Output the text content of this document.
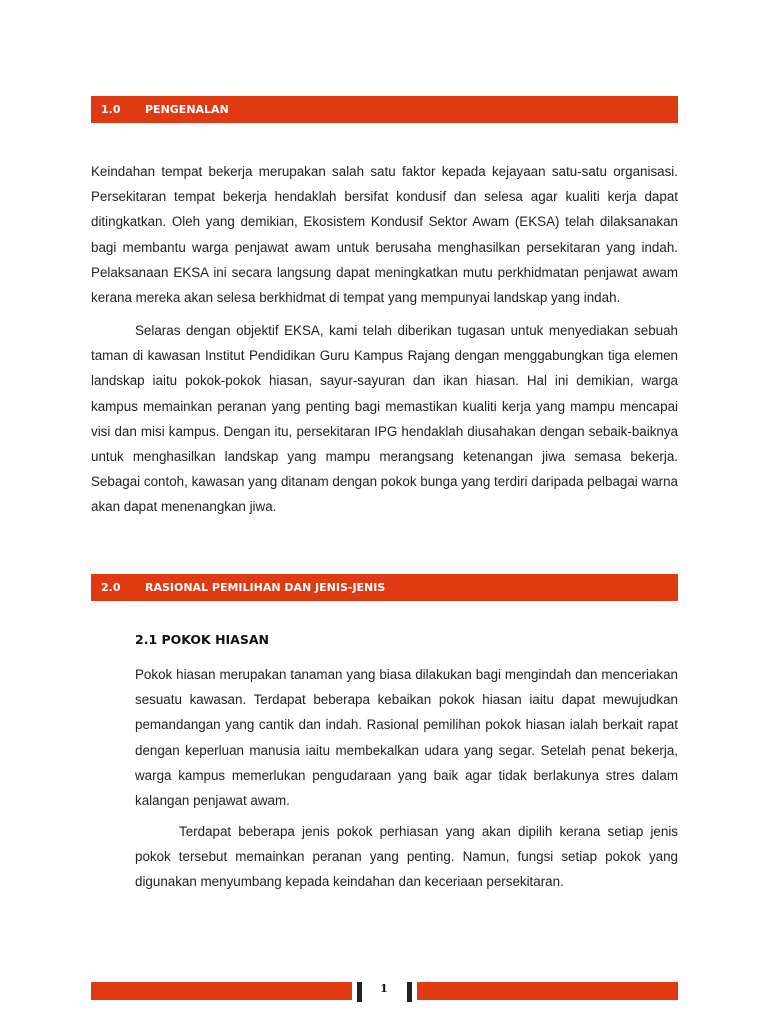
1.0 PENGENALAN

Keindahan tempat bekerja merupakan salah satu faktor kepada kejayaan satu-satu organisasi. Persekitaran tempat bekerja hendaklah bersifat kondusif dan selesa agar kualiti kerja dapat ditingkatkan. Oleh yang demikian, Ekosistem Kondusif Sektor Awam (EKSA) telah dilaksanakan bagi membantu warga penjawat awam untuk berusaha menghasilkan persekitaran yang indah. Pelaksanaan EKSA ini secara langsung dapat meningkatkan mutu perkhidmatan penjawat awam kerana mereka akan selesa berkhidmat di tempat yang mempunyai landskap yang indah.

Selaras dengan objektif EKSA, kami telah diberikan tugasan untuk menyediakan sebuah taman di kawasan Institut Pendidikan Guru Kampus Rajang dengan menggabungkan tiga elemen landskap iaitu pokok-pokok hiasan, sayur-sayuran dan ikan hiasan. Hal ini demikian, warga kampus memainkan peranan yang penting bagi memastikan kualiti kerja yang mampu mencapai visi dan misi kampus. Dengan itu, persekitaran IPG hendaklah diusahakan dengan sebaik-baiknya untuk menghasilkan landskap yang mampu merangsang ketenangan jiwa semasa bekerja. Sebagai contoh, kawasan yang ditanam dengan pokok bunga yang terdiri daripada pelbagai warna akan dapat menenangkan jiwa.

2.0 RASIONAL PEMILIHAN DAN JENIS-JENIS
2.1 POKOK HIASAN

Pokok hiasan merupakan tanaman yang biasa dilakukan bagi mengindah dan menceriakan sesuatu kawasan. Terdapat beberapa kebaikan pokok hiasan iaitu dapat mewujudkan pemandangan yang cantik dan indah. Rasional pemilihan pokok hiasan ialah berkait rapat dengan keperluan manusia iaitu membekalkan udara yang segar. Setelah penat bekerja, warga kampus memerlukan pengudaraan yang baik agar tidak berlakunya stres dalam kalangan penjawat awam.

Terdapat beberapa jenis pokok perhiasan yang akan dipilih kerana setiap jenis pokok tersebut memainkan peranan yang penting. Namun, fungsi setiap pokok yang digunakan menyumbang kepada keindahan dan keceriaan persekitaran.

1
